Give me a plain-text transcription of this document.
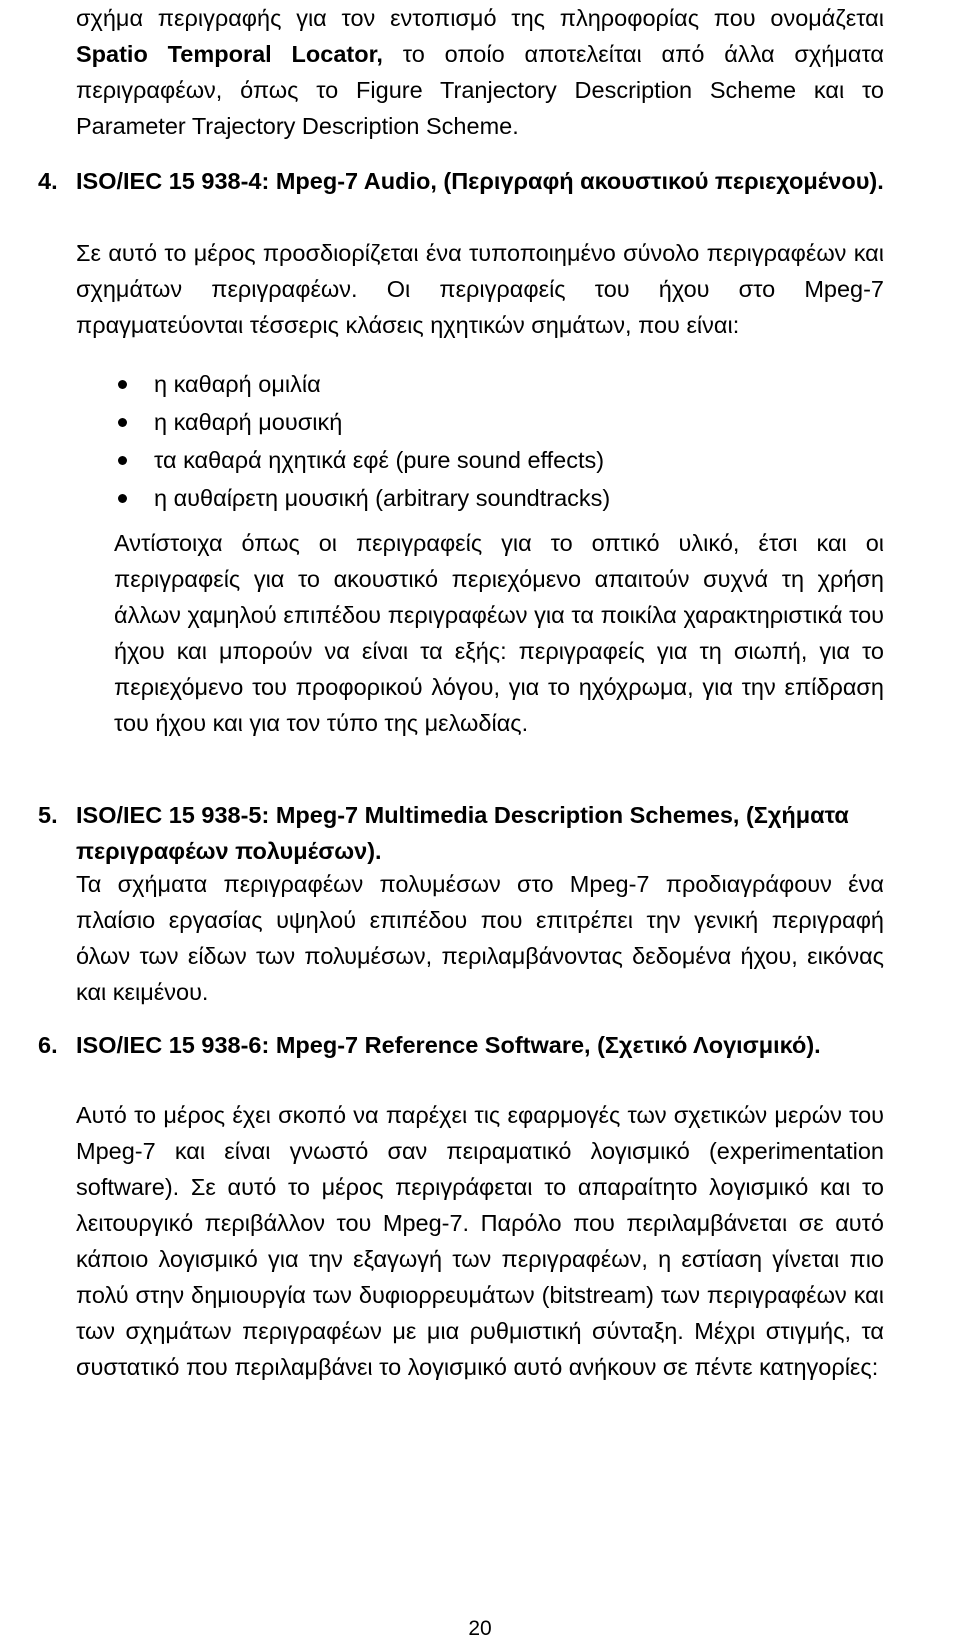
σχήμα περιγραφής για τον εντοπισμό της πληροφορίας που ονομάζεται Spatio Temporal Locator, το οποίο αποτελείται από άλλα σχήματα περιγραφέων, όπως το Figure Tranjectory Description Scheme και το Parameter Trajectory Description Scheme.

4. ISO/IEC 15 938-4: Mpeg-7 Audio, (Περιγραφή ακουστικού περιεχομένου).

Σε αυτό το μέρος προσδιορίζεται ένα τυποποιημένο σύνολο περιγραφέων και σχημάτων περιγραφέων. Οι περιγραφείς του ήχου στο Mpeg-7 πραγματεύονται τέσσερις κλάσεις ηχητικών σημάτων, που είναι:

η καθαρή ομιλία
η καθαρή μουσική
τα καθαρά ηχητικά εφέ (pure sound effects)
η αυθαίρετη μουσική (arbitrary soundtracks)

Αντίστοιχα όπως οι περιγραφείς για το οπτικό υλικό, έτσι και οι περιγραφείς για το ακουστικό περιεχόμενο απαιτούν συχνά τη χρήση άλλων χαμηλού επιπέδου περιγραφέων για τα ποικίλα χαρακτηριστικά του ήχου και μπορούν να είναι τα εξής: περιγραφείς για τη σιωπή, για το περιεχόμενο του προφορικού λόγου, για το ηχόχρωμα, για την επίδραση του ήχου και για τον τύπο της μελωδίας.

5. ISO/IEC 15 938-5: Mpeg-7 Multimedia Description Schemes, (Σχήματα περιγραφέων πολυμέσων).

Τα σχήματα περιγραφέων πολυμέσων στο Mpeg-7 προδιαγράφουν ένα πλαίσιο εργασίας υψηλού επιπέδου που επιτρέπει την γενική περιγραφή όλων των είδων των πολυμέσων, περιλαμβάνοντας δεδομένα ήχου, εικόνας και κειμένου.

6. ISO/IEC 15 938-6: Mpeg-7 Reference Software, (Σχετικό Λογισμικό).

Αυτό το μέρος έχει σκοπό να παρέχει τις εφαρμογές των σχετικών μερών του Mpeg-7 και είναι γνωστό σαν πειραματικό λογισμικό (experimentation software). Σε αυτό το μέρος περιγράφεται το απαραίτητο λογισμικό και το λειτουργικό περιβάλλον του Mpeg-7. Παρόλο που περιλαμβάνεται σε αυτό κάποιο λογισμικό για την εξαγωγή των περιγραφέων, η εστίαση γίνεται πιο πολύ στην δημιουργία των δυφιορρευμάτων (bitstream) των περιγραφέων και των σχημάτων περιγραφέων με μια ρυθμιστική σύνταξη. Μέχρι στιγμής, τα συστατικό που περιλαμβάνει το λογισμικό αυτό ανήκουν σε πέντε κατηγορίες:

20
